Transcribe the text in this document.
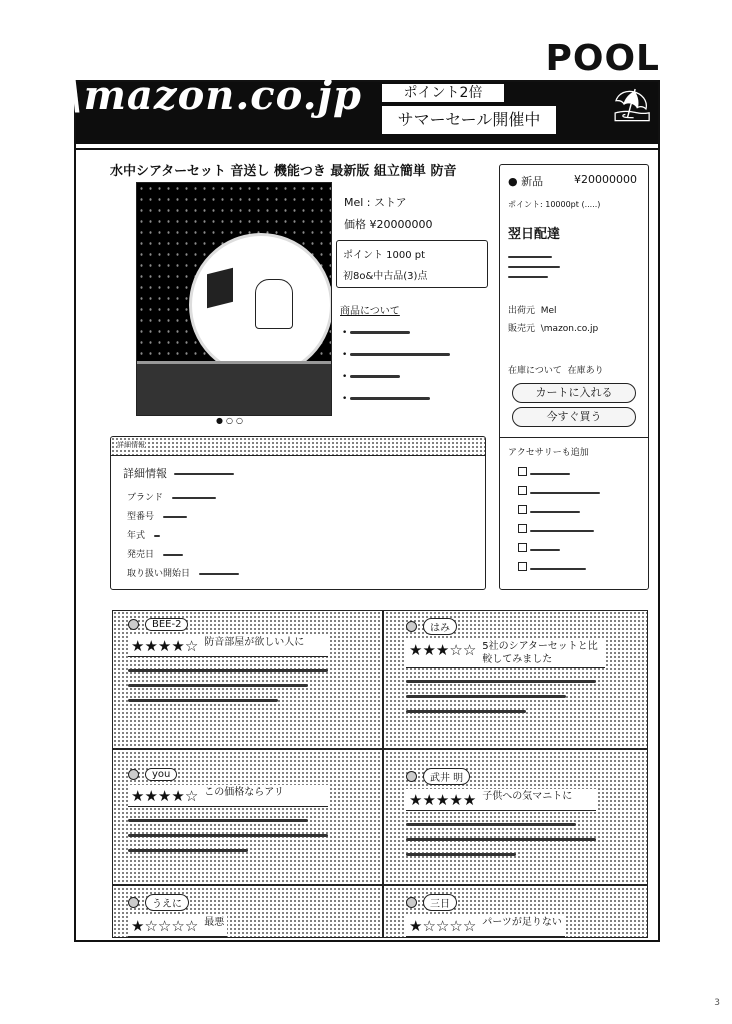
POOL
\mazon.co.jp	ポイント2倍
サマーセール開催中	⛱
水中シアターセット 音送し 機能つき 最新版 組立簡単 防音
●○○
Mel : ストア
価格 ¥20000000
ポイント 1000 pt
初8o&中古品(3)点
商品について
•
•
•
•
● 新品	¥20000000
ポイント: 10000pt (.....)
翌日配達

出荷元 Mel
販売元 \mazon.co.jp
在庫について 在庫あり
カートに入れる
今すぐ買う
アクセサリーも追加

詳細情報
詳細情報
ブランド
型番号
年式
発売日
取り扱い開始日
BEE-2
★★★★☆ 防音部屋が欲しい人に
はみ
★★★☆☆ 5社のシアターセットと比較してみました
you
★★★★☆ この価格ならアリ
武井 明
★★★★★ 子供への気マニトに
うえに
★☆☆☆☆ 最悪
三日
★☆☆☆☆ パーツが足りない
3
